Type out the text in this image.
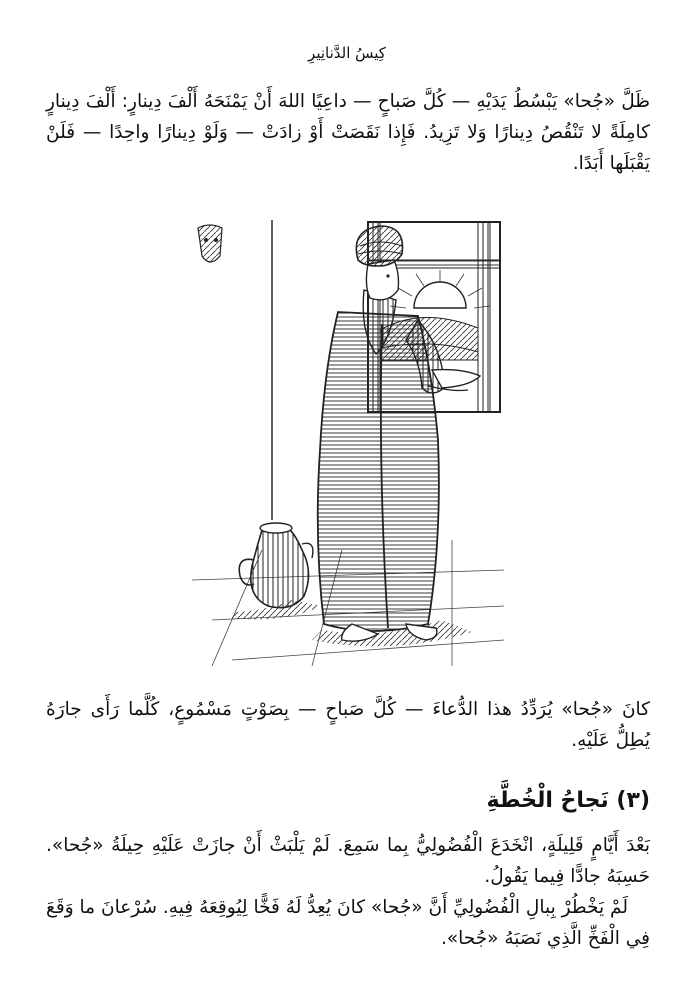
كِيسُ الدَّنانِيرِ

ظَلَّ «جُحا» يَبْسُطُ يَدَيْهِ — كُلَّ صَباحٍ — داعِيًا اللهَ أَنْ يَمْنَحَهُ أَلْفَ دِينارٍ: أَلْفَ دِينارٍ كامِلَةً لا تَنْقُصُ دِينارًا وَلا تَزِيدُ. فَإِذا نَقَصَتْ أَوْ زادَتْ — وَلَوْ دِينارًا واحِدًا — فَلَنْ يَقْبَلَها أَبَدًا.

كانَ «جُحا» يُرَدِّدُ هذا الدُّعاءَ — كُلَّ صَباحٍ — بِصَوْتٍ مَسْمُوعٍ، كُلَّما رَأَى جارَهُ يُطِلُّ عَلَيْهِ.

(٣) نَجاحُ الْخُطَّةِ

بَعْدَ أَيَّامٍ قَلِيلَةٍ، انْخَدَعَ الْفُضُولِيُّ بِما سَمِعَ. لَمْ يَلْبَثْ أَنْ جازَتْ عَلَيْهِ حِيلَةُ «جُحا». حَسِبَهُ جادًّا فِيما يَقُولُ.

لَمْ يَخْطُرْ بِبالِ الْفُضُولِيِّ أَنَّ «جُحا» كانَ يُعِدُّ لَهُ فَخًّا لِيُوقِعَهُ فِيهِ. سُرْعانَ ما وَقَعَ فِي الْفَخِّ الَّذِي نَصَبَهُ «جُحا».
